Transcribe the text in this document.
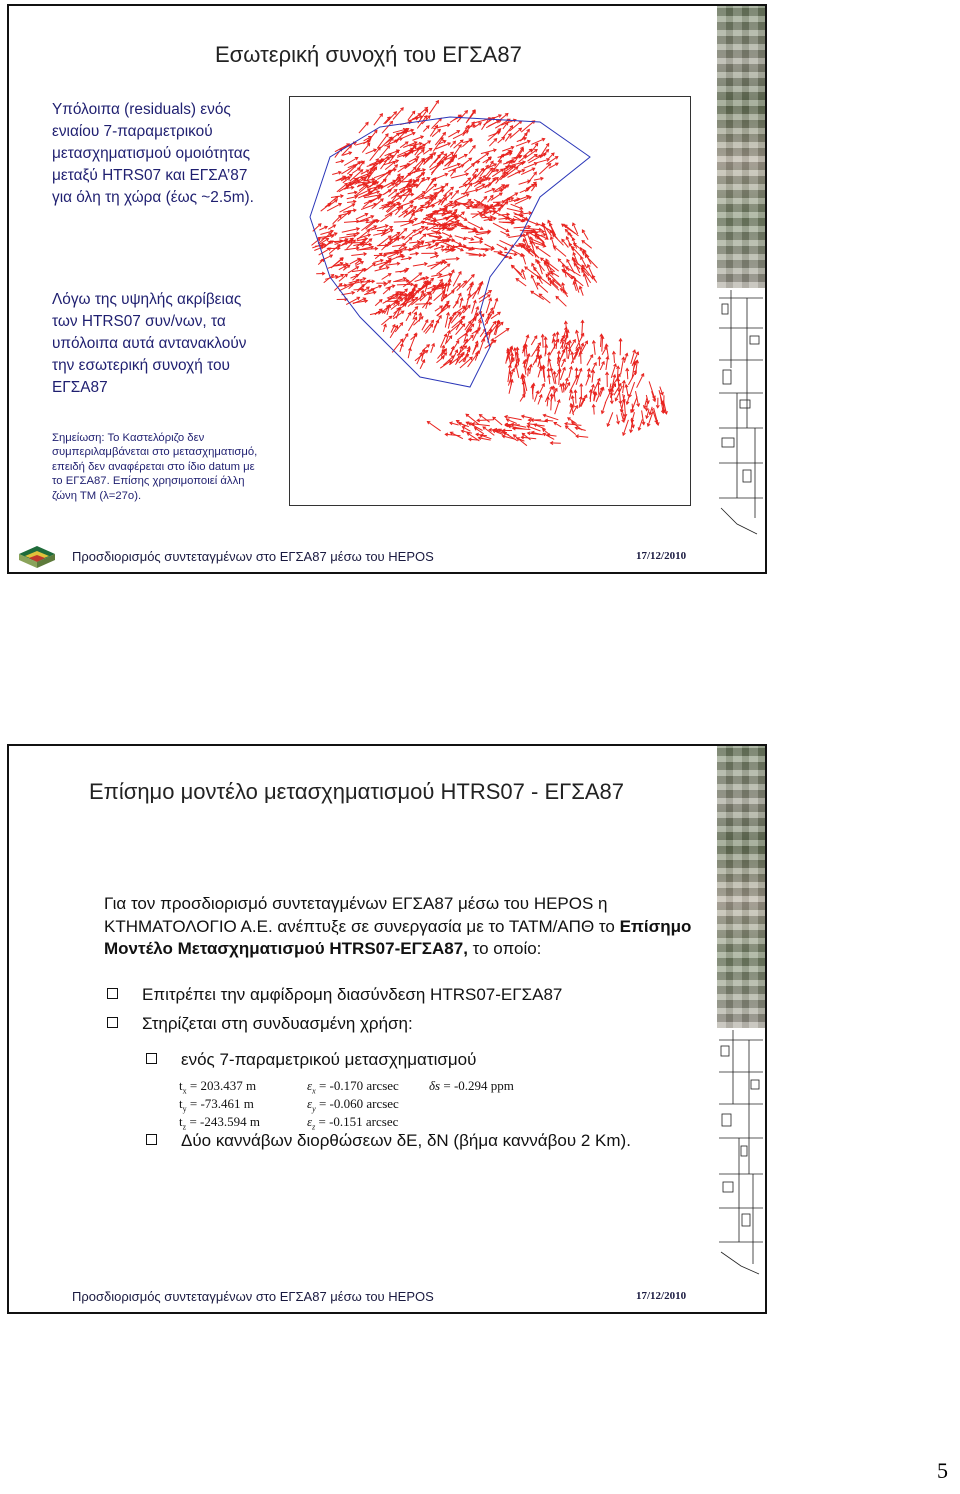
Εσωτερική συνοχή του ΕΓΣΑ87
Υπόλοιπα (residuals) ενός ενιαίου 7-παραμετρικού μετασχηματισμού ομοιότητας μεταξύ HTRS07 και ΕΓΣΑ’87 για όλη τη χώρα (έως ~2.5m).
Λόγω της υψηλής ακρίβειας των HTRS07 συν/νων, τα υπόλοιπα αυτά αντανακλούν την εσωτερική συνοχή του ΕΓΣΑ87
Σημείωση: Το Καστελόριζο δεν συμπεριλαμβάνεται στο μετασχηματισμό, επειδή δεν αναφέρεται στο ίδιο datum με το ΕΓΣΑ87. Επίσης χρησιμοποιεί άλλη ζώνη ΤΜ (λ=27ο).
Προσδιορισμός συντεταγμένων στο ΕΓΣΑ87 μέσω του HEPOS	17/12/2010
Επίσημο μοντέλο μετασχηματισμού HTRS07 - ΕΓΣΑ87
Για τον προσδιορισμό συντεταγμένων ΕΓΣΑ87 μέσω του HEPOS η ΚΤΗΜΑΤΟΛΟΓΙΟ Α.Ε. ανέπτυξε σε συνεργασία με το ΤΑΤΜ/ΑΠΘ το Επίσημο Μοντέλο Μετασχηματισμού HTRS07-ΕΓΣΑ87, το οποίο:
Επιτρέπει την αμφίδρομη διασύνδεση HTRS07-ΕΓΣΑ87
Στηρίζεται στη συνδυασμένη χρήση:
ενός 7-παραμετρικού μετασχηματισμού
$t_x = 203.437$ m	$\varepsilon_x = -0.170$ arcsec δs = -0.294 ppm
$t_y = -73.461$ m	$\varepsilon_y = -0.060$ arcsec
$t_z = -243.594$ m	$\varepsilon_z = -0.151$ arcsec
Δύο καννάβων διορθώσεων δΕ, δΝ (βήμα καννάβου 2 Km).
Προσδιορισμός συντεταγμένων στο ΕΓΣΑ87 μέσω του HEPOS	17/12/2010
5
